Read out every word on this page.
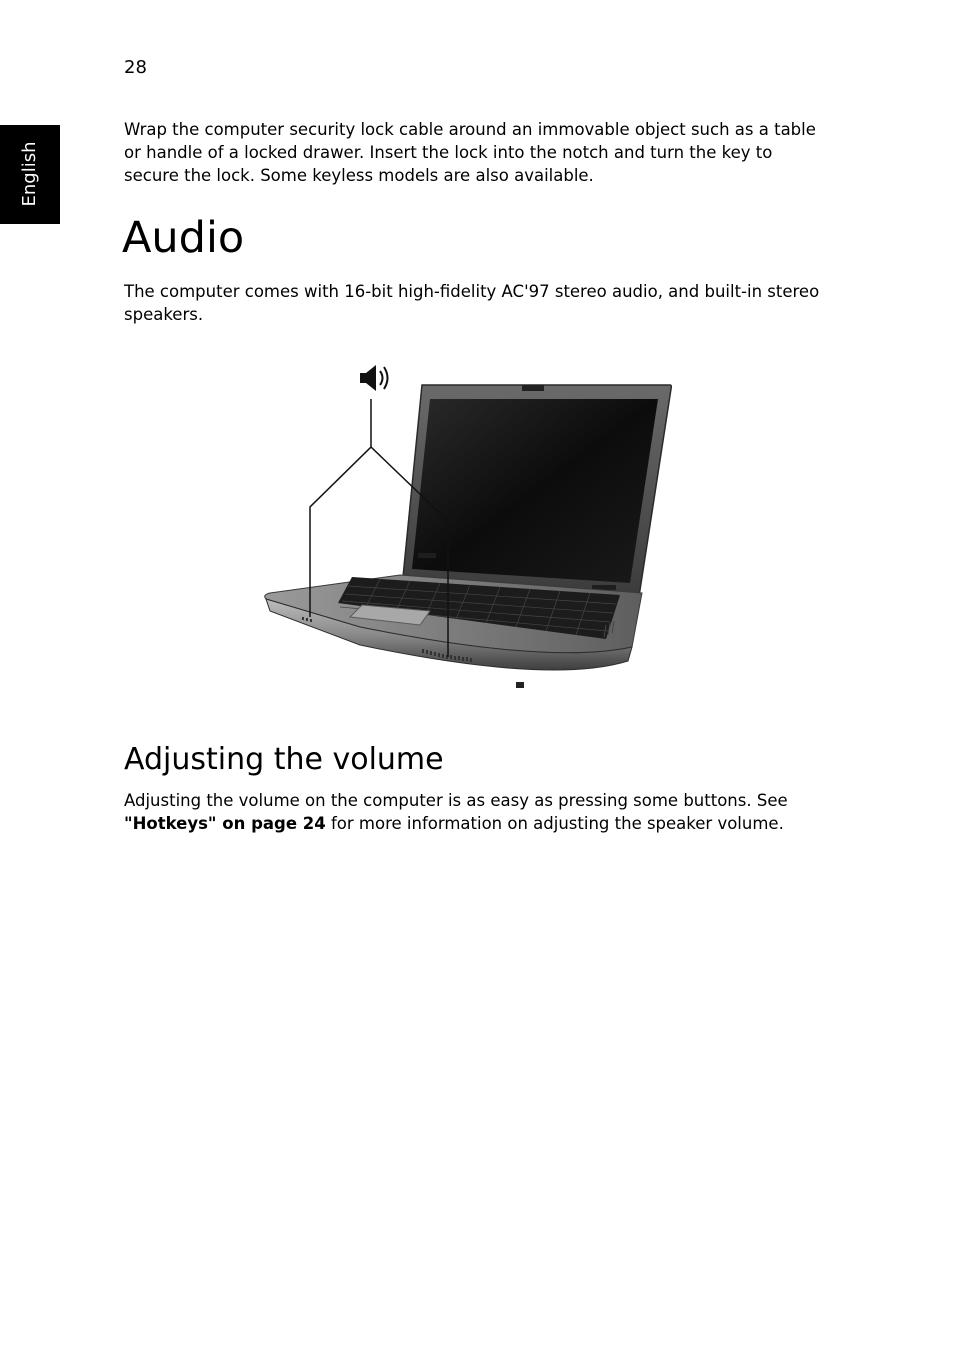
28
English

Wrap the computer security lock cable around an immovable object such as a table or handle of a locked drawer. Insert the lock into the notch and turn the key to secure the lock. Some keyless models are also available.

Audio

The computer comes with 16-bit high-fidelity AC'97 stereo audio, and built-in stereo speakers.

Adjusting the volume

Adjusting the volume on the computer is as easy as pressing some buttons. See "Hotkeys" on page 24 for more information on adjusting the speaker volume.
